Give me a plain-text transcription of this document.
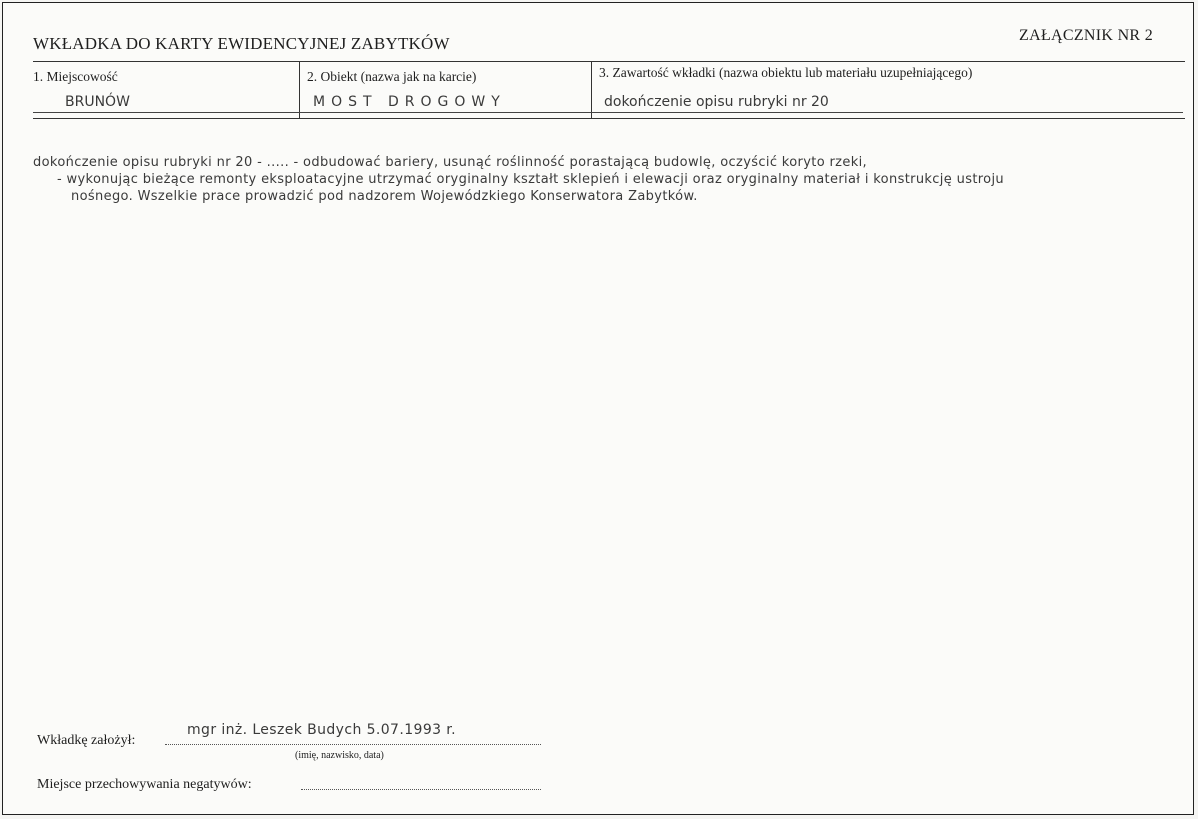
WKŁADKA DO KARTY EWIDENCYJNEJ ZABYTKÓW	ZAŁĄCZNIK NR 2
1. Miejscowość
BRUNÓW
2. Obiekt (nazwa jak na karcie)
MOST DROGOWY
3. Zawartość wkładki (nazwa obiektu lub materiału uzupełniającego)
dokończenie opisu rubryki nr 20
dokończenie opisu rubryki nr 20 - ..... - odbudować bariery, usunąć roślinność porastającą budowlę, oczyścić koryto rzeki,
- wykonując bieżące remonty eksploatacyjne utrzymać oryginalny kształt sklepień i elewacji oraz oryginalny materiał i konstrukcję ustroju
nośnego. Wszelkie prace prowadzić pod nadzorem Wojewódzkiego Konserwatora Zabytków.
Wkładkę założył:
mgr inż. Leszek Budych 5.07.1993 r.
(imię, nazwisko, data)
Miejsce przechowywania negatywów:
